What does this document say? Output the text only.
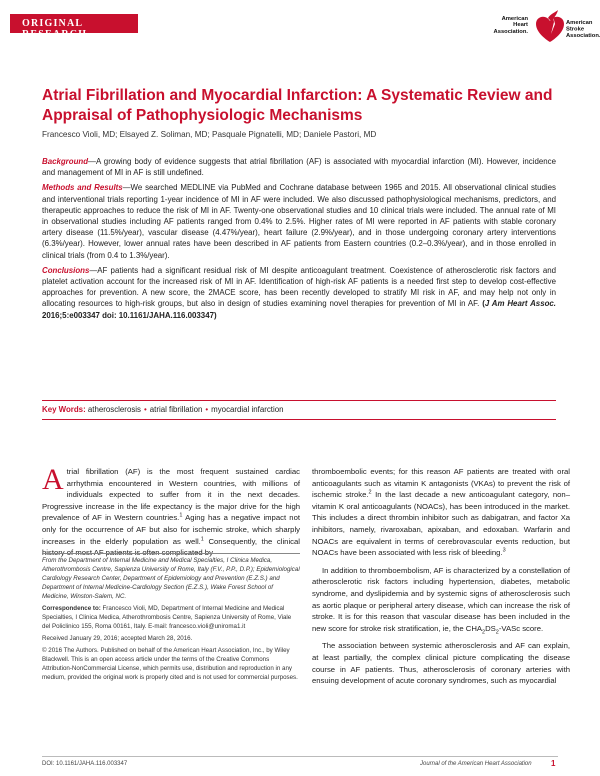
ORIGINAL RESEARCH
American
Heart
Association.
American
Stroke
Association.
Atrial Fibrillation and Myocardial Infarction: A Systematic Review and Appraisal of Pathophysiologic Mechanisms
Francesco Violi, MD; Elsayed Z. Soliman, MD; Pasquale Pignatelli, MD; Daniele Pastori, MD

Background—A growing body of evidence suggests that atrial fibrillation (AF) is associated with myocardial infarction (MI). However, incidence and management of MI in AF is still undefined.

Methods and Results—We searched MEDLINE via PubMed and Cochrane database between 1965 and 2015. All observational clinical studies and interventional trials reporting 1-year incidence of MI in AF were included. We also discussed pathophysiological mechanisms, predictors, and therapeutic approaches to reduce the risk of MI in AF. Twenty-one observational studies and 10 clinical trials were included. The annual rate of MI in observational studies including AF patients ranged from 0.4% to 2.5%. Higher rates of MI were reported in AF patients with stable coronary artery disease (11.5%/year), vascular disease (4.47%/year), heart failure (2.9%/year), and in those undergoing coronary artery interventions (6.3%/year). However, lower annual rates have been described in AF patients from Eastern countries (0.2–0.3%/year), and in those enrolled in clinical trials (from 0.4 to 1.3%/year).

Conclusions—AF patients had a significant residual risk of MI despite anticoagulant treatment. Coexistence of atherosclerotic risk factors and platelet activation account for the increased risk of MI in AF. Identification of high-risk AF patients is a needed first step to develop cost-effective approaches for prevention. A new score, the 2MACE score, has been recently developed to stratify MI risk in AF, and may help not only in allocating resources to high-risk groups, but also in design of studies examining novel therapies for prevention of MI in AF. (J Am Heart Assoc. 2016;5:e003347 doi: 10.1161/JAHA.116.003347)

Key Words: atherosclerosis • atrial fibrillation • myocardial infarction

Atrial fibrillation (AF) is the most frequent sustained cardiac arrhythmia encountered in Western countries, with millions of individuals expected to suffer from it in the next decades. Progressive increase in the life expectancy is the major drive for the high prevalence of AF in Western countries.$^1$ Aging has a negative impact not only for the occurrence of AF but also for ischemic stroke, which sharply increases in the elderly population as well.$^1$ Consequently, the clinical history of most AF patients is often complicated by

From the Department of Internal Medicine and Medical Specialties, I Clinica Medica, Atherothrombosis Centre, Sapienza University of Rome, Italy (F.V., P.P., D.P.); Epidemiological Cardiology Research Center, Department of Epidemiology and Prevention (E.Z.S.) and Department of Internal Medicine-Cardiology Section (E.Z.S.), Wake Forest School of Medicine, Winston-Salem, NC.

Correspondence to: Francesco Violi, MD, Department of Internal Medicine and Medical Specialties, I Clinica Medica, Atherothrombosis Centre, Sapienza University of Rome, Viale del Policlinico 155, Roma 00161, Italy. E-mail: francesco.violi@uniroma1.it

Received January 29, 2016; accepted March 28, 2016.

© 2016 The Authors. Published on behalf of the American Heart Association, Inc., by Wiley Blackwell. This is an open access article under the terms of the Creative Commons Attribution-NonCommercial License, which permits use, distribution and reproduction in any medium, provided the original work is properly cited and is not used for commercial purposes.

thromboembolic events; for this reason AF patients are treated with oral anticoagulants such as vitamin K antagonists (VKAs) to prevent the risk of ischemic stroke.$^2$ In the last decade a new anticoagulant category, non–vitamin K oral anticoagulants (NOACs), has been introduced in the market. This includes a direct thrombin inhibitor such as dabigatran, and factor Xa inhibitors, namely, rivaroxaban, apixaban, and edoxaban. Warfarin and NOACs are equivalent in terms of cerebrovascular events reduction, but NOACs have been associated with less risk of bleeding.$^3$

In addition to thromboembolism, AF is characterized by a constellation of atherosclerotic risk factors including hypertension, diabetes, metabolic syndrome, and dyslipidemia and by systemic signs of atherosclerosis such as aortic plaque or peripheral artery disease, which can increase the risk of stroke. It is for this reason that vascular disease has been included in the new score for stroke risk stratification, ie, the $CHA_2DS_2$-VASc score.

The association between systemic atherosclerosis and AF can explain, at least partially, the complex clinical picture complicating the disease course in AF patients. Thus, atherosclerosis of coronary arteries with ensuing development of acute coronary syndromes, such as myocardial

DOI: 10.1161/JAHA.116.003347	Journal of the American Heart Association 1
